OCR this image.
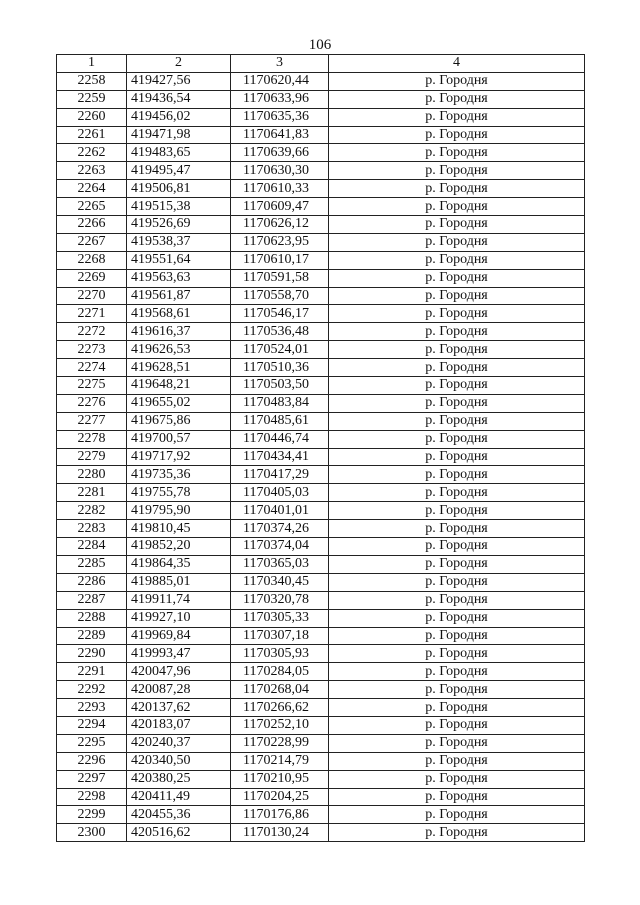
106
1	2	3	4
2258	419427,56	1170620,44	р. Городня
2259	419436,54	1170633,96	р. Городня
2260	419456,02	1170635,36	р. Городня
2261	419471,98	1170641,83	р. Городня
2262	419483,65	1170639,66	р. Городня
2263	419495,47	1170630,30	р. Городня
2264	419506,81	1170610,33	р. Городня
2265	419515,38	1170609,47	р. Городня
2266	419526,69	1170626,12	р. Городня
2267	419538,37	1170623,95	р. Городня
2268	419551,64	1170610,17	р. Городня
2269	419563,63	1170591,58	р. Городня
2270	419561,87	1170558,70	р. Городня
2271	419568,61	1170546,17	р. Городня
2272	419616,37	1170536,48	р. Городня
2273	419626,53	1170524,01	р. Городня
2274	419628,51	1170510,36	р. Городня
2275	419648,21	1170503,50	р. Городня
2276	419655,02	1170483,84	р. Городня
2277	419675,86	1170485,61	р. Городня
2278	419700,57	1170446,74	р. Городня
2279	419717,92	1170434,41	р. Городня
2280	419735,36	1170417,29	р. Городня
2281	419755,78	1170405,03	р. Городня
2282	419795,90	1170401,01	р. Городня
2283	419810,45	1170374,26	р. Городня
2284	419852,20	1170374,04	р. Городня
2285	419864,35	1170365,03	р. Городня
2286	419885,01	1170340,45	р. Городня
2287	419911,74	1170320,78	р. Городня
2288	419927,10	1170305,33	р. Городня
2289	419969,84	1170307,18	р. Городня
2290	419993,47	1170305,93	р. Городня
2291	420047,96	1170284,05	р. Городня
2292	420087,28	1170268,04	р. Городня
2293	420137,62	1170266,62	р. Городня
2294	420183,07	1170252,10	р. Городня
2295	420240,37	1170228,99	р. Городня
2296	420340,50	1170214,79	р. Городня
2297	420380,25	1170210,95	р. Городня
2298	420411,49	1170204,25	р. Городня
2299	420455,36	1170176,86	р. Городня
2300	420516,62	1170130,24	р. Городня
